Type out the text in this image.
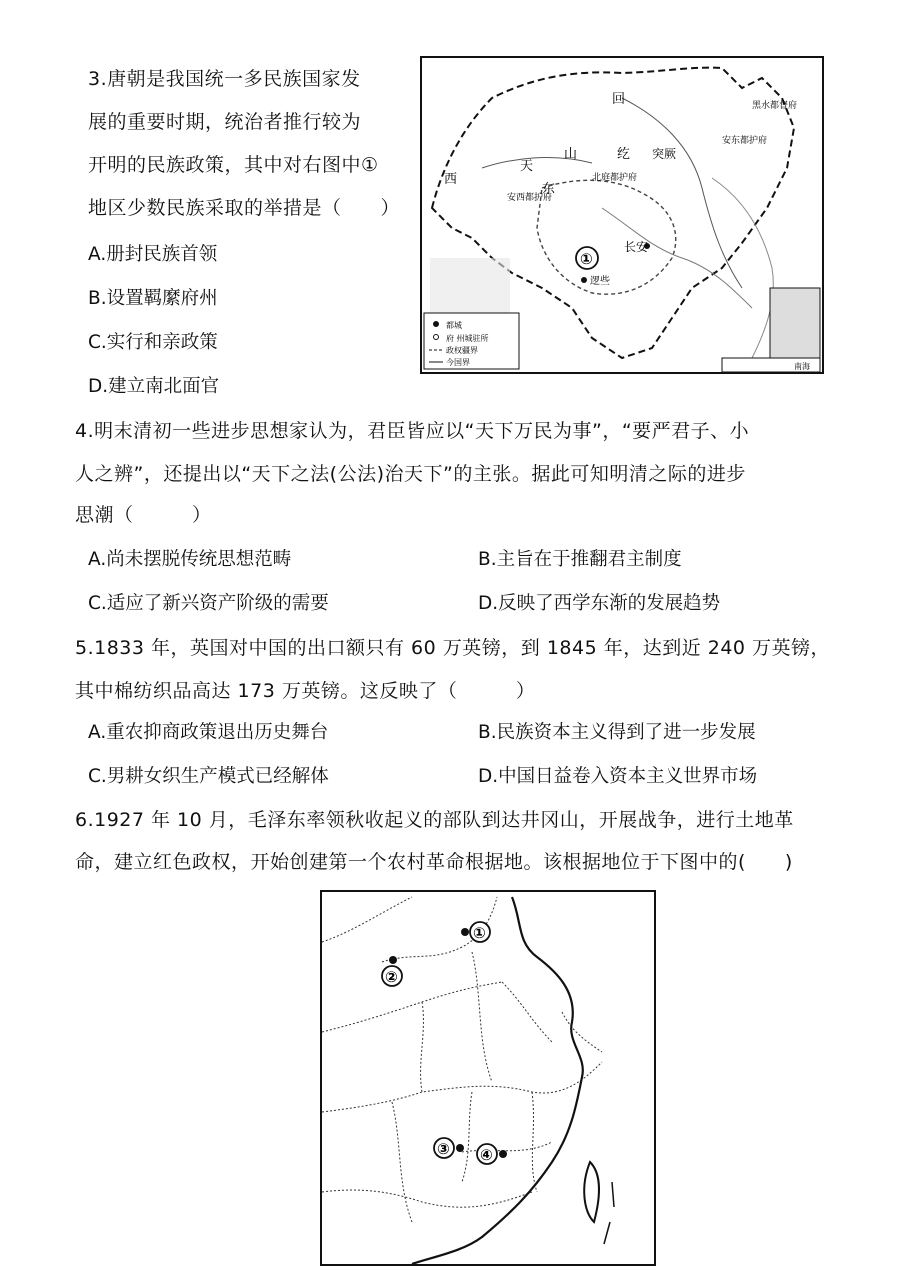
3.唐朝是我国统一多民族国家发
展的重要时期，统治者推行较为
开明的民族政策，其中对右图中①
地区少数民族采取的举措是（　　）
A.册封民族首领
B.设置羁縻府州
C.实行和亲政策
D.建立南北面官
回
纥
西
天
山
东
突厥
北庭都护府
安西都护府
安东都护府
黑水都督府
长安
①
逻些
都城
府 州城驻所
政权疆界
今国界	南海
4.明末清初一些进步思想家认为，君臣皆应以“天下万民为事”，“要严君子、小
人之辨”，还提出以“天下之法(公法)治天下”的主张。据此可知明清之际的进步
思潮（　　　）
A.尚未摆脱传统思想范畴	B.主旨在于推翻君主制度
C.适应了新兴资产阶级的需要	D.反映了西学东渐的发展趋势
5.1833 年，英国对中国的出口额只有 60 万英镑，到 1845 年，达到近 240 万英镑，
其中棉纺织品高达 173 万英镑。这反映了（　　　）
A.重农抑商政策退出历史舞台	B.民族资本主义得到了进一步发展
C.男耕女织生产模式已经解体	D.中国日益卷入资本主义世界市场
6.1927 年 10 月，毛泽东率领秋收起义的部队到达井冈山，开展战争，进行土地革
命，建立红色政权，开始创建第一个农村革命根据地。该根据地位于下图中的(　　)
①
②
③ ④
